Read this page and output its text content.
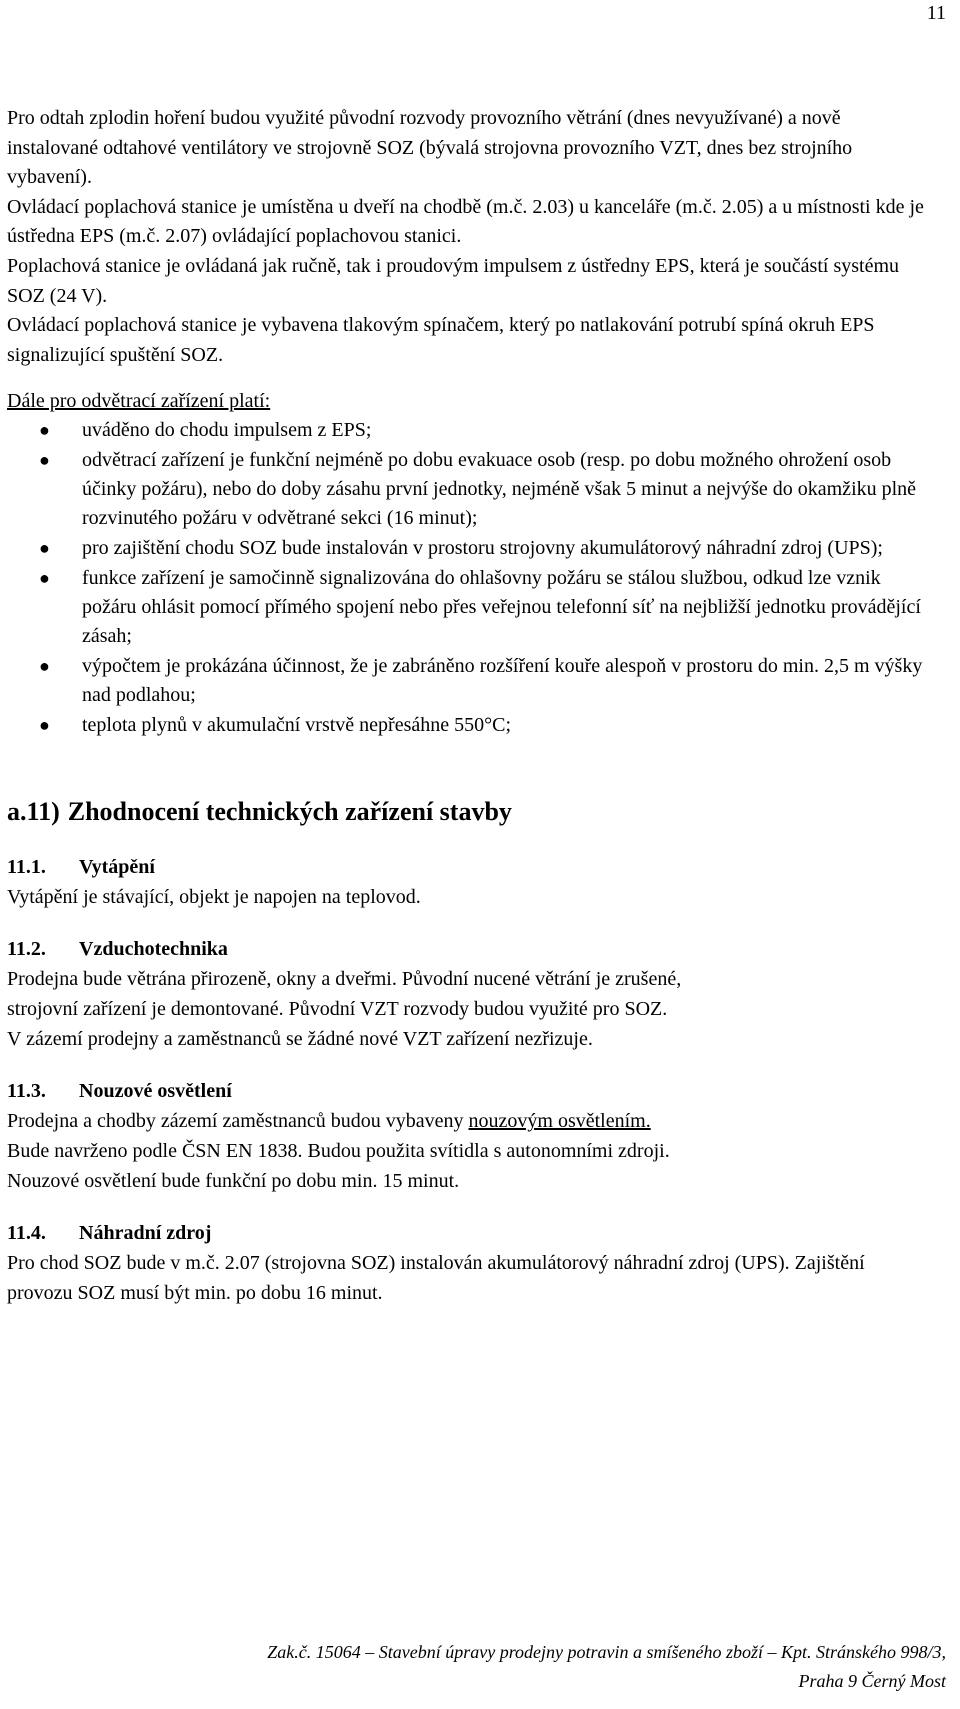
11

Pro odtah zplodin hoření budou využité původní rozvody provozního větrání (dnes nevyužívané) a nově instalované odtahové ventilátory ve strojovně SOZ (bývalá strojovna provozního VZT, dnes bez strojního vybavení).

Ovládací poplachová stanice je umístěna u dveří na chodbě (m.č. 2.03) u kanceláře (m.č. 2.05) a u místnosti kde je ústředna EPS (m.č. 2.07) ovládající poplachovou stanici.

Poplachová stanice je ovládaná jak ručně, tak i proudovým impulsem z ústředny EPS, která je součástí systému SOZ (24 V).

Ovládací poplachová stanice je vybavena tlakovým spínačem, který po natlakování potrubí spíná okruh EPS signalizující spuštění SOZ.

Dále pro odvětrací zařízení platí:

● uváděno do chodu impulsem z EPS;
● odvětrací zařízení je funkční nejméně po dobu evakuace osob (resp. po dobu možného ohrožení osob účinky požáru), nebo do doby zásahu první jednotky, nejméně však 5 minut a nejvýše do okamžiku plně rozvinutého požáru v odvětrané sekci (16 minut);
● pro zajištění chodu SOZ bude instalován v prostoru strojovny akumulátorový náhradní zdroj (UPS);
● funkce zařízení je samočinně signalizována do ohlašovny požáru se stálou službou, odkud lze vznik požáru ohlásit pomocí přímého spojení nebo přes veřejnou telefonní síť na nejbližší jednotku provádějící zásah;
● výpočtem je prokázána účinnost, že je zabráněno rozšíření kouře alespoň v prostoru do min. 2,5 m výšky nad podlahou;
● teplota plynů v akumulační vrstvě nepřesáhne 550°C;
a.11) Zhodnocení technických zařízení stavby
11.1. Vytápění

Vytápění je stávající, objekt je napojen na teplovod.

11.2. Vzduchotechnika

Prodejna bude větrána přirozeně, okny a dveřmi. Původní nucené větrání je zrušené,

strojovní zařízení je demontované. Původní VZT rozvody budou využité pro SOZ.

V zázemí prodejny a zaměstnanců se žádné nové VZT zařízení nezřizuje.

11.3. Nouzové osvětlení

Prodejna a chodby zázemí zaměstnanců budou vybaveny nouzovým osvětlením.

Bude navrženo podle ČSN EN 1838. Budou použita svítidla s autonomními zdroji.

Nouzové osvětlení bude funkční po dobu min. 15 minut.

11.4. Náhradní zdroj

Pro chod SOZ bude v m.č. 2.07 (strojovna SOZ) instalován akumulátorový náhradní zdroj (UPS). Zajištění provozu SOZ musí být min. po dobu 16 minut.

Zak.č. 15064 – Stavební úpravy prodejny potravin a smíšeného zboží – Kpt. Stránského 998/3,
Praha 9 Černý Most
